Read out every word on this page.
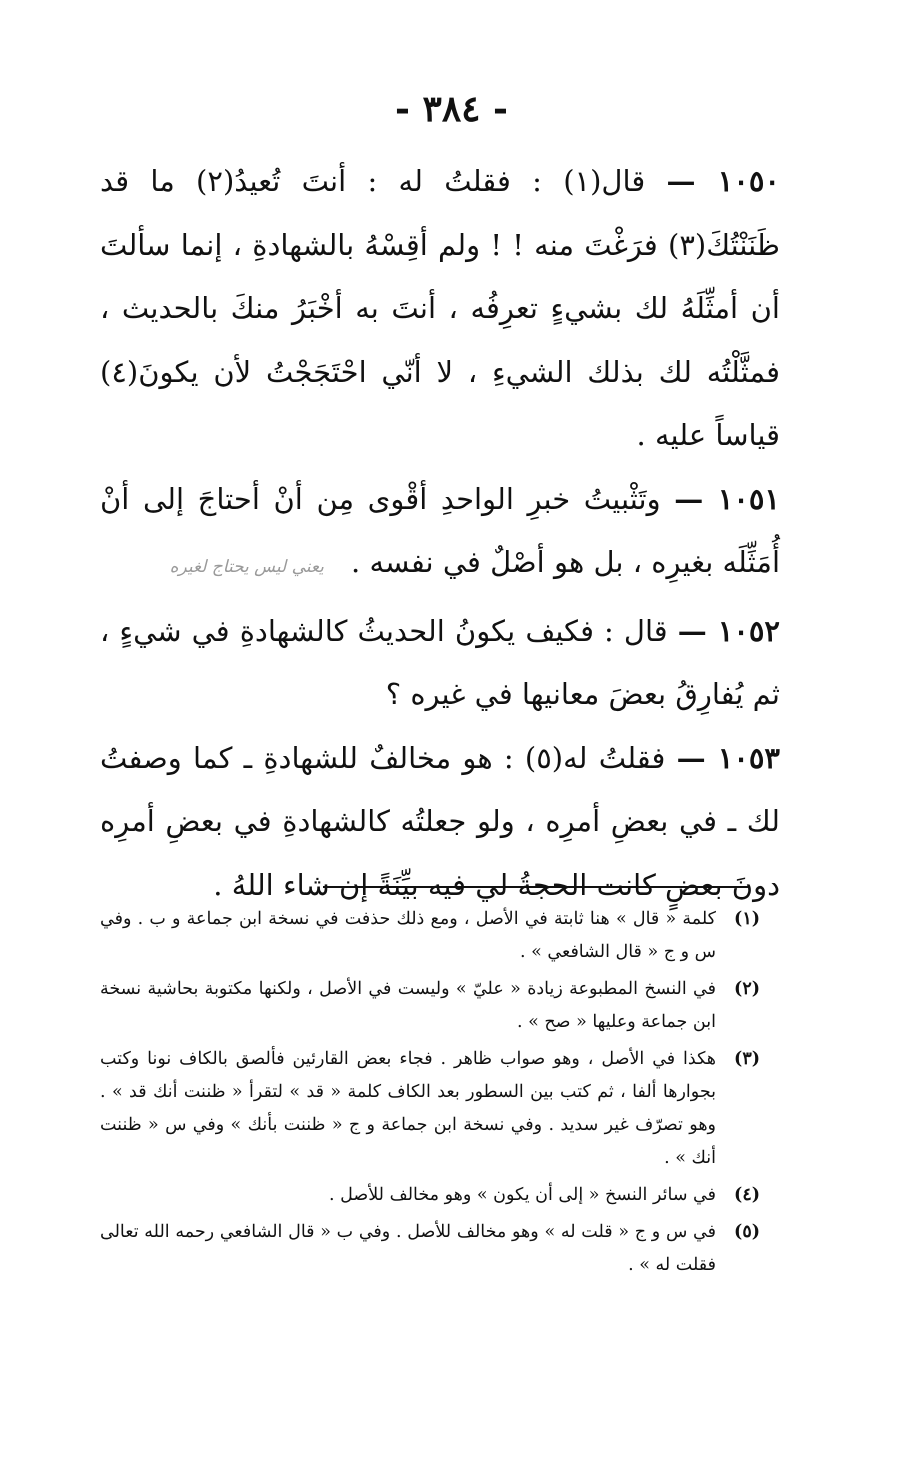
- ٣٨٤ -

١٠٥٠ — قال(١) : فقلتُ له : أنتَ تُعيدُ(٢) ما قد ظَنَنْتُكَ(٣) فرَغْتَ منه ! ! ولم أقِسْهُ بالشهادةِ ، إنما سألتَ أن أمثِّلَهُ لك بشيءٍ تعرِفُه ، أنتَ به أخْبَرُ منكَ بالحديث ، فمثَّلْتُه لك بذلك الشيءِ ، لا أنّي احْتَجَجْتُ لأن يكونَ(٤) قياساً عليه .

١٠٥١ — وتَثْبيتُ خبرِ الواحدِ أقْوى مِن أنْ أحتاجَ إلى أنْ أُمَثِّلَه بغيرِه ، بل هو أصْلٌ في نفسه . يعني ليس يحتاج لغيره

١٠٥٢ — قال : فكيف يكونُ الحديثُ كالشهادةِ في شيءٍ ، ثم يُفارِقُ بعضَ معانيها في غيره ؟

١٠٥٣ — فقلتُ له(٥) : هو مخالفٌ للشهادةِ ـ كما وصفتُ لك ـ في بعضِ أمرِه ، ولو جعلتُه كالشهادةِ في بعضِ أمرِه دونَ بعضٍ كانت الحجةُ لي فيه بيِّنَةً إن شاء اللهُ .

(١)كلمة « قال » هنا ثابتة في الأصل ، ومع ذلك حذفت في نسخة ابن جماعة و ب . وفي س و ج « قال الشافعي » .

(٢)في النسخ المطبوعة زيادة « عليّ » وليست في الأصل ، ولكنها مكتوبة بحاشية نسخة ابن جماعة وعليها « صح » .

(٣)هكذا في الأصل ، وهو صواب ظاهر . فجاء بعض القارئين فألصق بالكاف نونا وكتب بجوارها ألفا ، ثم كتب بين السطور بعد الكاف كلمة « قد » لتقرأ « ظننت أنك قد » . وهو تصرّف غير سديد . وفي نسخة ابن جماعة و ج « ظننت بأنك » وفي س « ظننت أنك » .

(٤)في سائر النسخ « إلى أن يكون » وهو مخالف للأصل .

(٥)في س و ج « قلت له » وهو مخالف للأصل . وفي ب « قال الشافعي رحمه الله تعالى فقلت له » .
